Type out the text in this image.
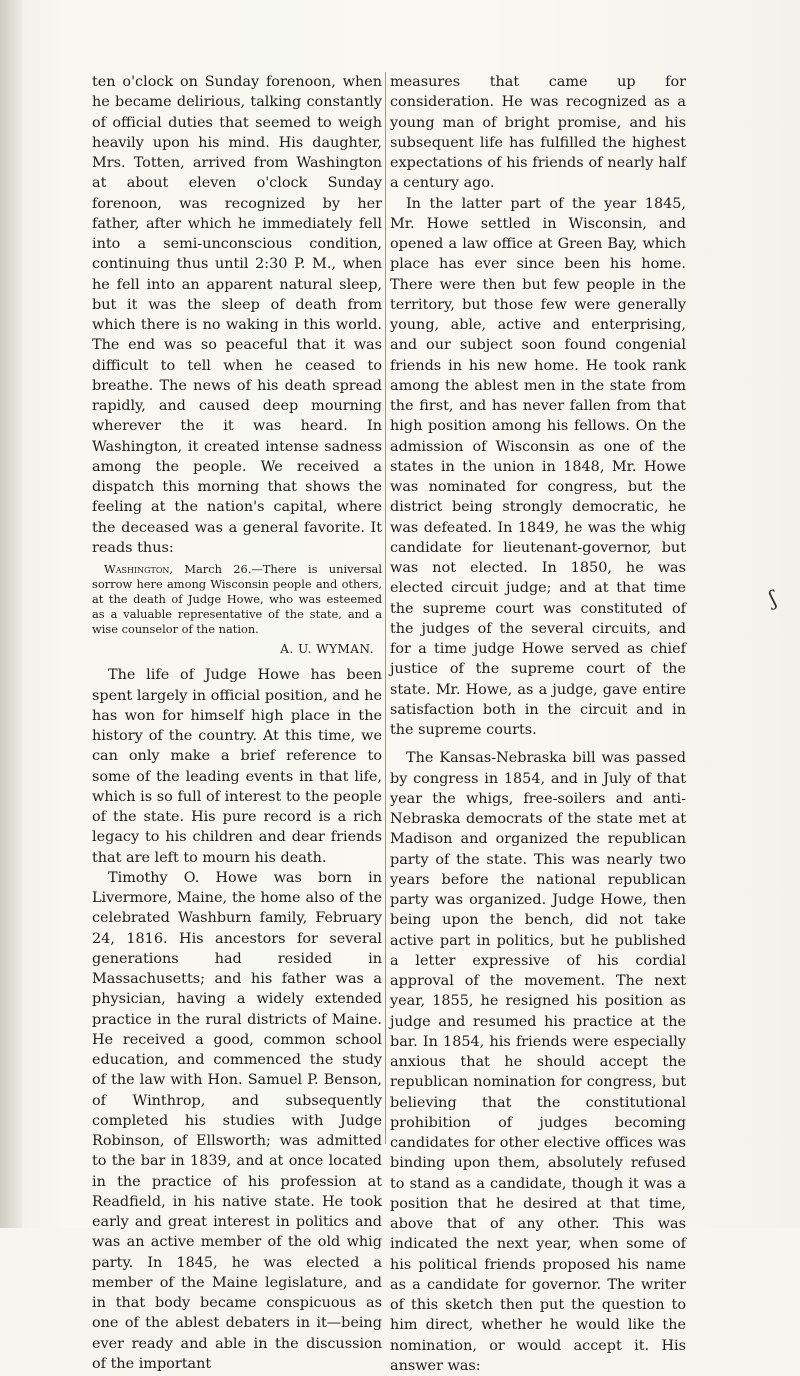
ten o'clock on Sunday forenoon, when he became delirious, talking constantly of official duties that seemed to weigh heavily upon his mind. His daughter, Mrs. Totten, arrived from Washington at about eleven o'clock Sunday forenoon, was recognized by her father, after which he immediately fell into a semi-unconscious condition, continuing thus until 2:30 P. M., when he fell into an apparent natural sleep, but it was the sleep of death from which there is no waking in this world. The end was so peaceful that it was difficult to tell when he ceased to breathe. The news of his death spread rapidly, and caused deep mourning wherever the it was heard. In Washington, it created intense sadness among the people. We received a dispatch this morning that shows the feeling at the nation's capital, where the deceased was a general favorite. It reads thus:

Washington, March 26.—There is universal sorrow here among Wisconsin people and others, at the death of Judge Howe, who was esteemed as a valuable representative of the state, and a wise counselor of the nation.

A. U. WYMAN.

The life of Judge Howe has been spent largely in official position, and he has won for himself high place in the history of the country. At this time, we can only make a brief reference to some of the leading events in that life, which is so full of interest to the people of the state. His pure record is a rich legacy to his children and dear friends that are left to mourn his death.

Timothy O. Howe was born in Livermore, Maine, the home also of the celebrated Washburn family, February 24, 1816. His ancestors for several generations had resided in Massachusetts; and his father was a physician, having a widely extended practice in the rural districts of Maine. He received a good, common school education, and commenced the study of the law with Hon. Samuel P. Benson, of Winthrop, and subsequently completed his studies with Judge Robinson, of Ellsworth; was admitted to the bar in 1839, and at once located in the practice of his profession at Readfield, in his native state. He took early and great interest in politics and was an active member of the old whig party. In 1845, he was elected a member of the Maine legislature, and in that body became conspicuous as one of the ablest debaters in it—being ever ready and able in the discussion of the important

measures that came up for consideration. He was recognized as a young man of bright promise, and his subsequent life has fulfilled the highest expectations of his friends of nearly half a century ago.

In the latter part of the year 1845, Mr. Howe settled in Wisconsin, and opened a law office at Green Bay, which place has ever since been his home. There were then but few people in the territory, but those few were generally young, able, active and enterprising, and our subject soon found congenial friends in his new home. He took rank among the ablest men in the state from the first, and has never fallen from that high position among his fellows. On the admission of Wisconsin as one of the states in the union in 1848, Mr. Howe was nominated for congress, but the district being strongly democratic, he was defeated. In 1849, he was the whig candidate for lieutenant-governor, but was not elected. In 1850, he was elected circuit judge; and at that time the supreme court was constituted of the judges of the several circuits, and for a time judge Howe served as chief justice of the supreme court of the state. Mr. Howe, as a judge, gave entire satisfaction both in the circuit and in the supreme courts.

The Kansas-Nebraska bill was passed by congress in 1854, and in July of that year the whigs, free-soilers and anti-Nebraska democrats of the state met at Madison and organized the republican party of the state. This was nearly two years before the national republican party was organized. Judge Howe, then being upon the bench, did not take active part in politics, but he published a letter expressive of his cordial approval of the movement. The next year, 1855, he resigned his position as judge and resumed his practice at the bar. In 1854, his friends were especially anxious that he should accept the republican nomination for congress, but believing that the constitutional prohibition of judges becoming candidates for other elective offices was binding upon them, absolutely refused to stand as a candidate, though it was a position that he desired at that time, above that of any other. This was indicated the next year, when some of his political friends proposed his name as a candidate for governor. The writer of this sketch then put the question to him direct, whether he would like the nomination, or would accept it. His answer was:

ʃ
